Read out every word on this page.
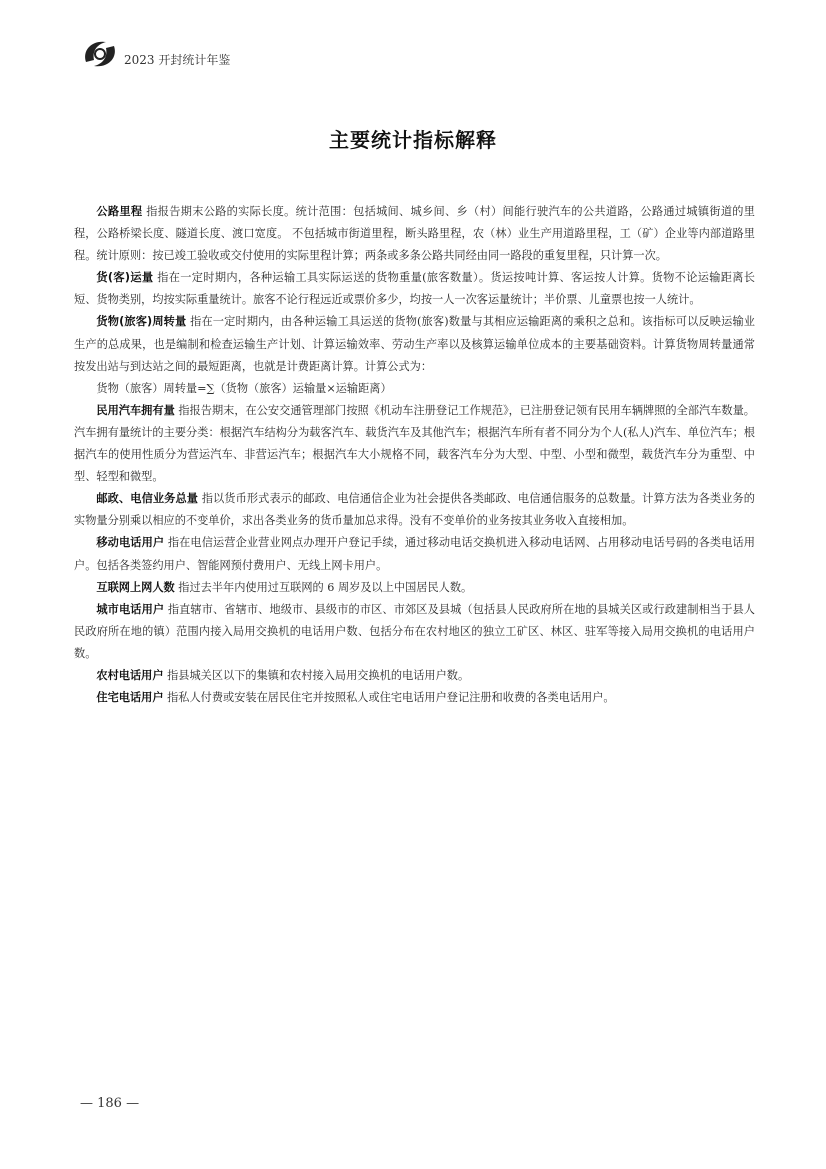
2023 开封统计年鉴
主要统计指标解释

公路里程 指报告期末公路的实际长度。统计范围：包括城间、城乡间、乡（村）间能行驶汽车的公共道路，公路通过城镇街道的里程，公路桥梁长度、隧道长度、渡口宽度。 不包括城市街道里程，断头路里程，农（林）业生产用道路里程，工（矿）企业等内部道路里程。统计原则：按已竣工验收或交付使用的实际里程计算；两条或多条公路共同经由同一路段的重复里程，只计算一次。

货(客)运量 指在一定时期内，各种运输工具实际运送的货物重量(旅客数量）。货运按吨计算、客运按人计算。货物不论运输距离长短、货物类别，均按实际重量统计。旅客不论行程远近或票价多少，均按一人一次客运量统计；半价票、儿童票也按一人统计。

货物(旅客)周转量 指在一定时期内，由各种运输工具运送的货物(旅客)数量与其相应运输距离的乘积之总和。该指标可以反映运输业生产的总成果，也是编制和检查运输生产计划、计算运输效率、劳动生产率以及核算运输单位成本的主要基础资料。计算货物周转量通常按发出站与到达站之间的最短距离，也就是计费距离计算。计算公式为：

货物（旅客）周转量=∑（货物（旅客）运输量×运输距离）

民用汽车拥有量 指报告期末，在公安交通管理部门按照《机动车注册登记工作规范》，已注册登记领有民用车辆牌照的全部汽车数量。汽车拥有量统计的主要分类：根据汽车结构分为载客汽车、载货汽车及其他汽车；根据汽车所有者不同分为个人(私人)汽车、单位汽车；根据汽车的使用性质分为营运汽车、非营运汽车；根据汽车大小规格不同，载客汽车分为大型、中型、小型和微型，载货汽车分为重型、中型、轻型和微型。

邮政、电信业务总量 指以货币形式表示的邮政、电信通信企业为社会提供各类邮政、电信通信服务的总数量。计算方法为各类业务的实物量分别乘以相应的不变单价，求出各类业务的货币量加总求得。没有不变单价的业务按其业务收入直接相加。

移动电话用户 指在电信运营企业营业网点办理开户登记手续，通过移动电话交换机进入移动电话网、占用移动电话号码的各类电话用户。包括各类签约用户、智能网预付费用户、无线上网卡用户。

互联网上网人数 指过去半年内使用过互联网的 6 周岁及以上中国居民人数。

城市电话用户 指直辖市、省辖市、地级市、县级市的市区、市郊区及县城（包括县人民政府所在地的县城关区或行政建制相当于县人民政府所在地的镇）范围内接入局用交换机的电话用户数、包括分布在农村地区的独立工矿区、林区、驻军等接入局用交换机的电话用户数。

农村电话用户 指县城关区以下的集镇和农村接入局用交换机的电话用户数。

住宅电话用户 指私人付费或安装在居民住宅并按照私人或住宅电话用户登记注册和收费的各类电话用户。

— 186 —
